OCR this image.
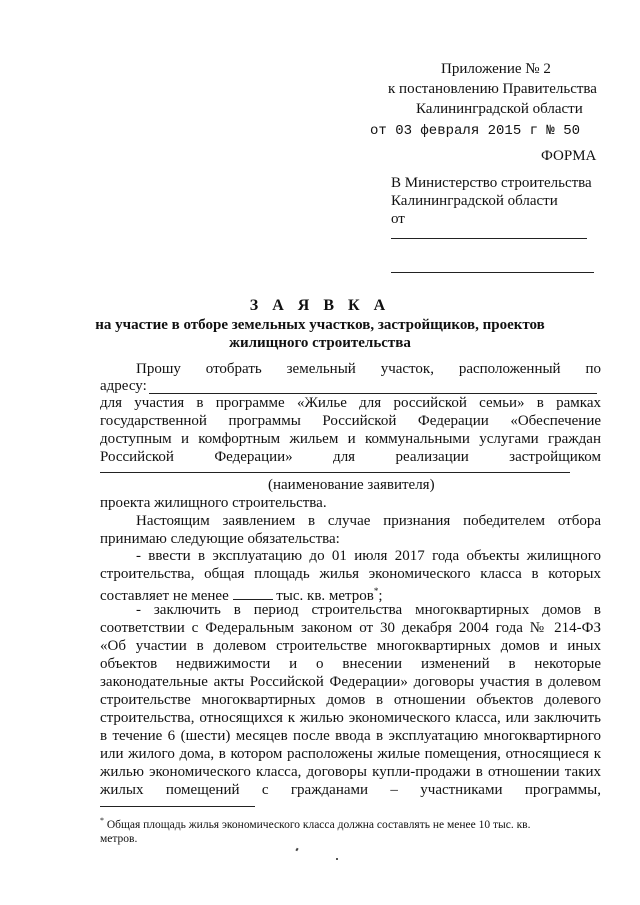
Приложение № 2
к постановлению Правительства
Калининградской области
от 03 февраля 2015 г № 50
ФОРМА
В Министерство строительства
Калининградской области
от
З А Я В К А
на участие в отборе земельных участков, застройщиков, проектов
жилищного строительства
Прошу отобрать земельный участок, расположенный по
адресу:
для участия в программе «Жилье для российской семьи» в рамках
государственной программы Российской Федерации «Обеспечение
доступным и комфортным жильем и коммунальными услугами граждан
Российской Федерации» для реализации застройщиком
(наименование заявителя)
проекта жилищного строительства.
Настоящим заявлением в случае признания победителем отбора
принимаю следующие обязательства:
- ввести в эксплуатацию до 01 июля 2017 года объекты жилищного
строительства, общая площадь жилья экономического класса в которых
составляет не менее	тыс. кв. метров*;
- заключить в период строительства многоквартирных домов в
соответствии с Федеральным законом от 30 декабря 2004 года № 214-ФЗ
«Об участии в долевом строительстве многоквартирных домов и иных
объектов недвижимости и о внесении изменений в некоторые
законодательные акты Российской Федерации» договоры участия в долевом
строительстве многоквартирных домов в отношении объектов долевого
строительства, относящихся к жилью экономического класса, или заключить
в течение 6 (шести) месяцев после ввода в эксплуатацию многоквартирного
или жилого дома, в котором расположены жилые помещения, относящиеся к
жилью экономического класса, договоры купли-продажи в отношении таких
жилых помещений с гражданами – участниками программы,
* Общая площадь жилья экономического класса должна составлять не менее 10 тыс. кв.
метров.
